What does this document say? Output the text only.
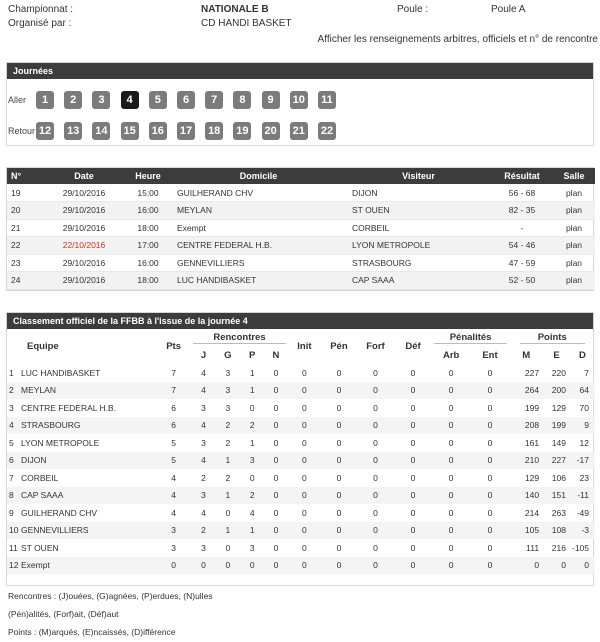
Championnat :	NATIONALE B	Poule :	Poule A
Organisé par :	CD HANDI BASKET
Afficher les renseignements arbitres, officiels et n° de rencontre
Journées
Aller
Retour
1	2	3	4	5	6	7	8	9	10 11
12 13 14 15 16 17 18 19 20 21 22
N°	Date	Heure	Domicile	Visiteur	Résultat	Salle
19	29/10/2016	15:00	GUILHERAND CHV	DIJON	56 - 68	plan
20	29/10/2016	16:00	MEYLAN	ST OUEN	82 - 35	plan
21	29/10/2016	18:00	Exempt	CORBEIL	-	plan
22	22/10/2016	17:00	CENTRE FEDERAL H.B.	LYON METROPOLE	54 - 46	plan
23	29/10/2016	16:00	GENNEVILLIERS	STRASBOURG	47 - 59	plan
24	29/10/2016	18:00	LUC HANDIBASKET	CAP SAAA	52 - 50	plan
Classement officiel de la FFBB à l'issue de la journée 4
Equipe	Pts	Rencontres				Init	Pén	Forf	Déf	Pénalités		Points		
		J	G	P	N					Arb	Ent	M	E	D
1 LUC HANDIBASKET	7	4	3	1	0	0	0	0	0	0	0	227	220	7
2 MEYLAN	7	4	3	1	0	0	0	0	0	0	0	264	200	64
3 CENTRE FEDERAL H.B.	6	3	3	0	0	0	0	0	0	0	0	199	129	70
4 STRASBOURG	6	4	2	2	0	0	0	0	0	0	0	208	199	9
5 LYON METROPOLE	5	3	2	1	0	0	0	0	0	0	0	161	149	12
6 DIJON	5	4	1	3	0	0	0	0	0	0	0	210	227	-17
7 CORBEIL	4	2	2	0	0	0	0	0	0	0	0	129	106	23
8 CAP SAAA	4	3	1	2	0	0	0	0	0	0	0	140	151	-11
9 GUILHERAND CHV	4	4	0	4	0	0	0	0	0	0	0	214	263	-49
10 GENNEVILLIERS	3	2	1	1	0	0	0	0	0	0	0	105	108	-3
11 ST OUEN	3	3	0	3	0	0	0	0	0	0	0	111	216	-105
12 Exempt	0	0	0	0	0	0	0	0	0	0	0	0	0	0
Rencontres : (J)ouées, (G)agnées, (P)erdues, (N)ulles
(Pén)alités, (Forf)ait, (Déf)aut
Points : (M)arqués, (E)ncaissés, (D)ifférence
